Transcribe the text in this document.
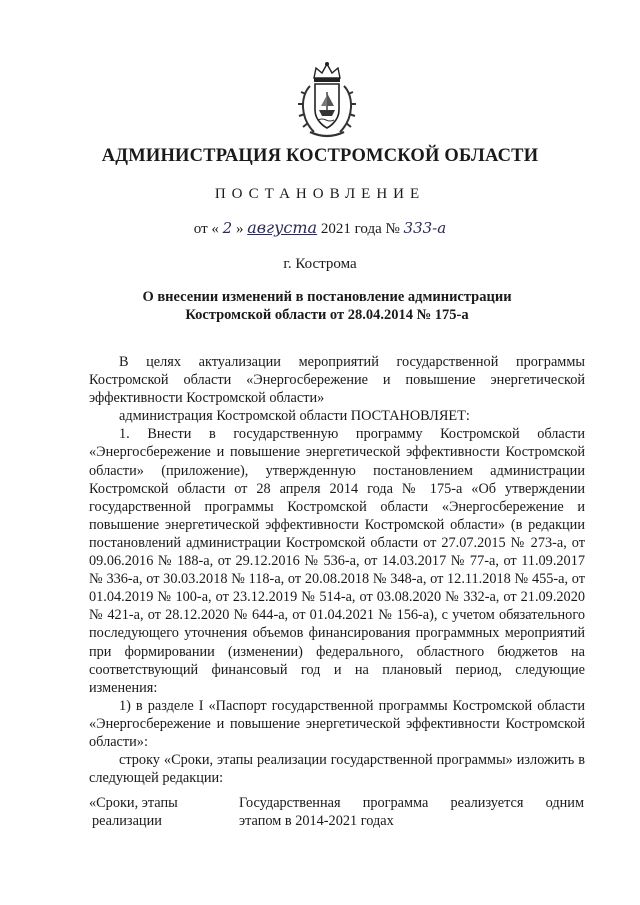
АДМИНИСТРАЦИЯ КОСТРОМСКОЙ ОБЛАСТИ
ПОСТАНОВЛЕНИЕ
от « 2 » августа 2021 года № 333-а
г. Кострома
О внесении изменений в постановление администрации
Костромской области от 28.04.2014 № 175-а

В целях актуализации мероприятий государственной программы Костромской области «Энергосбережение и повышение энергетической эффективности Костромской области»

администрация Костромской области ПОСТАНОВЛЯЕТ:

1. Внести в государственную программу Костромской области «Энергосбережение и повышение энергетической эффективности Костромской области» (приложение), утвержденную постановлением администрации Костромской области от 28 апреля 2014 года № 175-а «Об утверждении государственной программы Костромской области «Энергосбережение и повышение энергетической эффективности Костромской области» (в редакции постановлений администрации Костромской области от 27.07.2015 № 273-а, от 09.06.2016 № 188-а, от 29.12.2016 № 536-а, от 14.03.2017 № 77-а, от 11.09.2017 № 336-а, от 30.03.2018 № 118-а, от 20.08.2018 № 348-а, от 12.11.2018 № 455-а, от 01.04.2019 № 100-а, от 23.12.2019 № 514-а, от 03.08.2020 № 332-а, от 21.09.2020 № 421-а, от 28.12.2020 № 644-а, от 01.04.2021 № 156-а), с учетом обязательного последующего уточнения объемов финансирования программных мероприятий при формировании (изменении) федерального, областного бюджетов на соответствующий финансовый год и на плановый период, следующие изменения:

1) в разделе I «Паспорт государственной программы Костромской области «Энергосбережение и повышение энергетической эффективности Костромской области»:

строку «Сроки, этапы реализации государственной программы» изложить в следующей редакции:

«Сроки, этапы
реализации
Государственная программа реализуется одним
этапом в 2014-2021 годах
